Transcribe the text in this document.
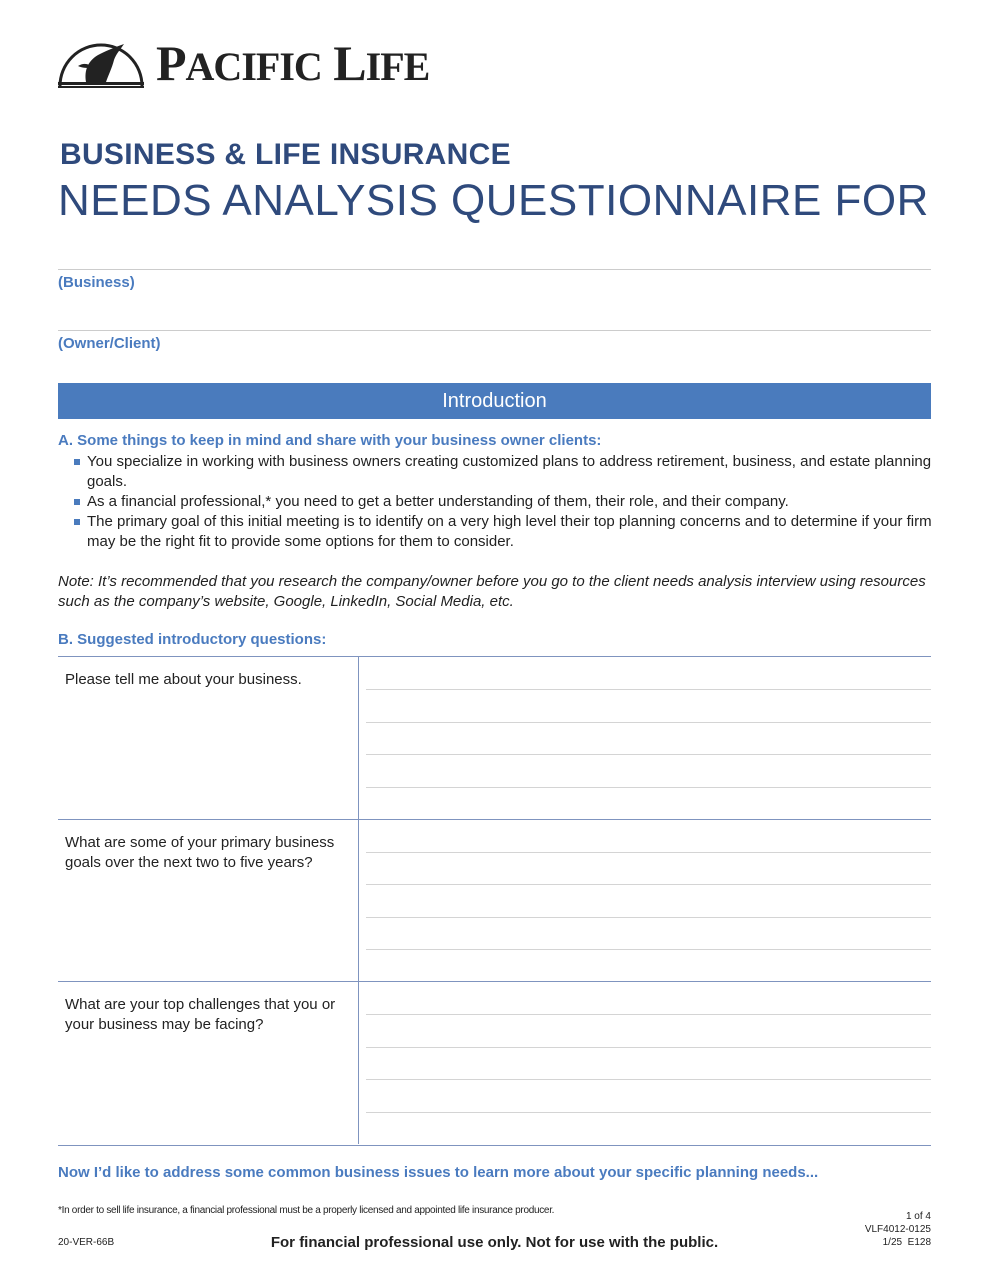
PACIFIC LIFE
BUSINESS & LIFE INSURANCE
NEEDS ANALYSIS QUESTIONNAIRE FOR
(Business)
(Owner/Client)
Introduction
A. Some things to keep in mind and share with your business owner clients:
You specialize in working with business owners creating customized plans to address retirement, business, and estate planning goals.
As a financial professional,* you need to get a better understanding of them, their role, and their company.
The primary goal of this initial meeting is to identify on a very high level their top planning concerns and to determine if your firm may be the right fit to provide some options for them to consider.
Note: It’s recommended that you research the company/owner before you go to the client needs analysis interview using resources such as the company’s website, Google, LinkedIn, Social Media, etc.
B. Suggested introductory questions:
Please tell me about your business.
What are some of your primary business goals over the next two to five years?
What are your top challenges that you or your business may be facing?
Now I’d like to address some common business issues to learn more about your specific planning needs...
*In order to sell life insurance, a financial professional must be a properly licensed and appointed life insurance producer.
20-VER-66B	For financial professional use only. Not for use with the public.
1 of 4
VLF4012-0125
1/25  E128
